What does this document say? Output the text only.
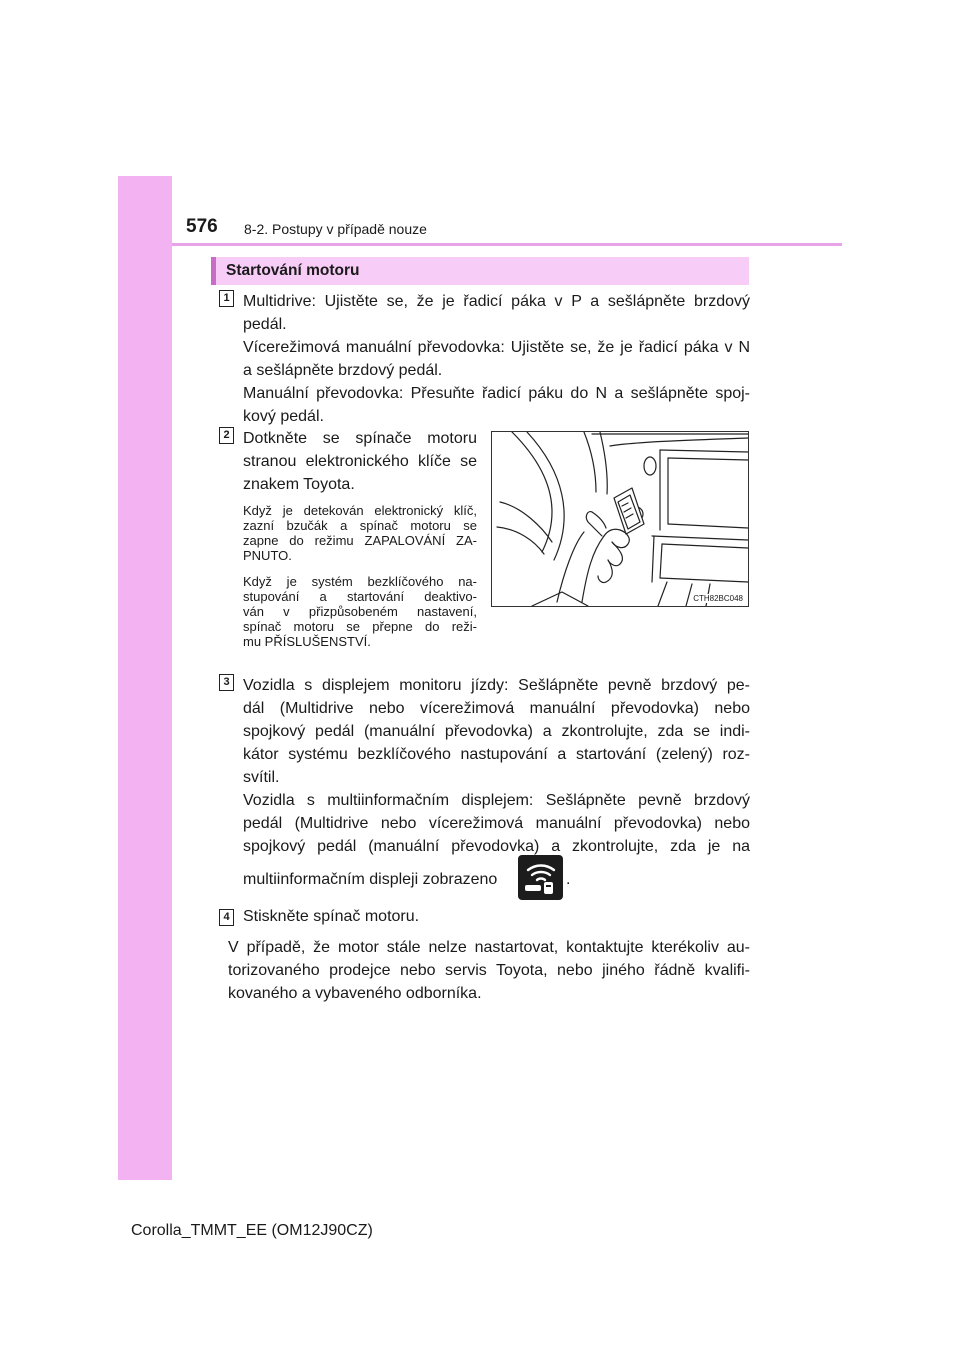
576 8-2. Postupy v případě nouze
Startování motoru
1 Multidrive: Ujistěte se, že je řadicí páka v P a sešlápněte brzdový
pedál.
Vícerežimová manuální převodovka: Ujistěte se, že je řadicí páka v N
a sešlápněte brzdový pedál.
Manuální převodovka: Přesuňte řadicí páku do N a sešlápněte spoj-
kový pedál.
2 Dotkněte se spínače motoru
stranou elektronického klíče se
znakem Toyota.
Když je detekován elektronický klíč,
zazní bzučák a spínač motoru se
zapne do režimu ZAPALOVÁNÍ ZA-
PNUTO.
Když je systém bezklíčového na-
stupování a startování deaktivo-
ván v přizpůsobeném nastavení,
spínač motoru se přepne do reži-
mu PŘÍSLUŠENSTVÍ.
CTH82BC048
3 Vozidla s displejem monitoru jízdy: Sešlápněte pevně brzdový pe-
dál (Multidrive nebo vícerežimová manuální převodovka) nebo
spojkový pedál (manuální převodovka) a zkontrolujte, zda se indi-
kátor systému bezklíčového nastupování a startování (zelený) roz-
svítil.
Vozidla s multiinformačním displejem: Sešlápněte pevně brzdový
pedál (Multidrive nebo vícerežimová manuální převodovka) nebo
spojkový pedál (manuální převodovka) a zkontrolujte, zda je na
multiinformačním displeji zobrazeno	.
4 Stiskněte spínač motoru.
V případě, že motor stále nelze nastartovat, kontaktujte kterékoliv au-
torizovaného prodejce nebo servis Toyota, nebo jiného řádně kvalifi-
kovaného a vybaveného odborníka.
Corolla_TMMT_EE (OM12J90CZ)
